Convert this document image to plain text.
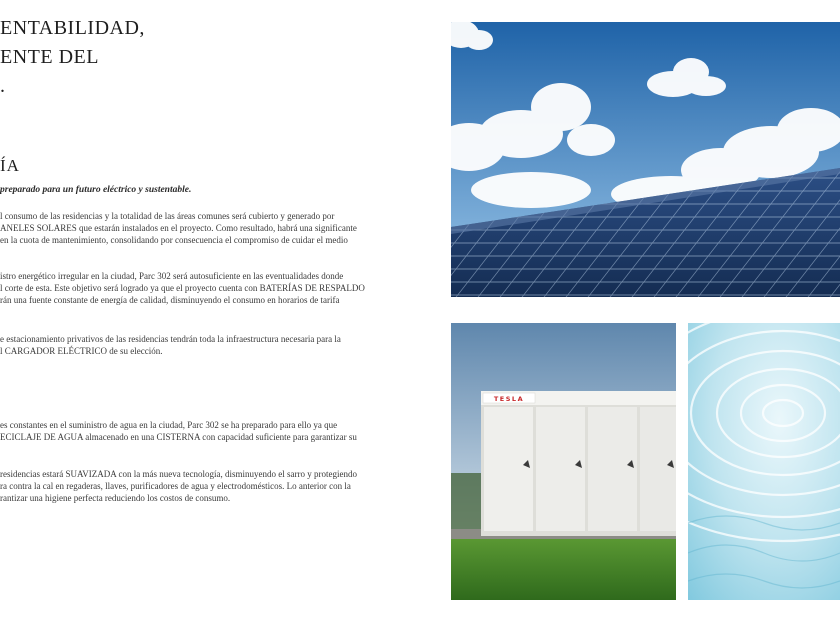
ENTABILIDAD,
ENTE DEL
.
ÍA

preparado para un futuro eléctrico y sustentable.

l consumo de las residencias y la totalidad de las áreas comunes será cubierto y generado por
ANELES SOLARES que estarán instalados en el proyecto. Como resultado, habrá una significante
en la cuota de mantenimiento, consolidando por consecuencia el compromiso de cuidar el medio

istro energético irregular en la ciudad, Parc 302 será autosuficiente en las eventualidades donde
l corte de esta. Este objetivo será logrado ya que el proyecto cuenta con BATERÍAS DE RESPALDO
rán una fuente constante de energía de calidad, disminuyendo el consumo en horarios de tarifa

e estacionamiento privativos de las residencias tendrán toda la infraestructura necesaria para la
l CARGADOR ELÉCTRICO de su elección.

es constantes en el suministro de agua en la ciudad, Parc 302 se ha preparado para ello ya que
ECICLAJE DE AGUA almacenado en una CISTERNA con capacidad suficiente para garantizar su

residencias estará SUAVIZADA con la más nueva tecnología, disminuyendo el sarro y protegiendo
ra contra la cal en regaderas, llaves, purificadores de agua y electrodomésticos. Lo anterior con la
rantizar una higiene perfecta reduciendo los costos de consumo.

TESLA
